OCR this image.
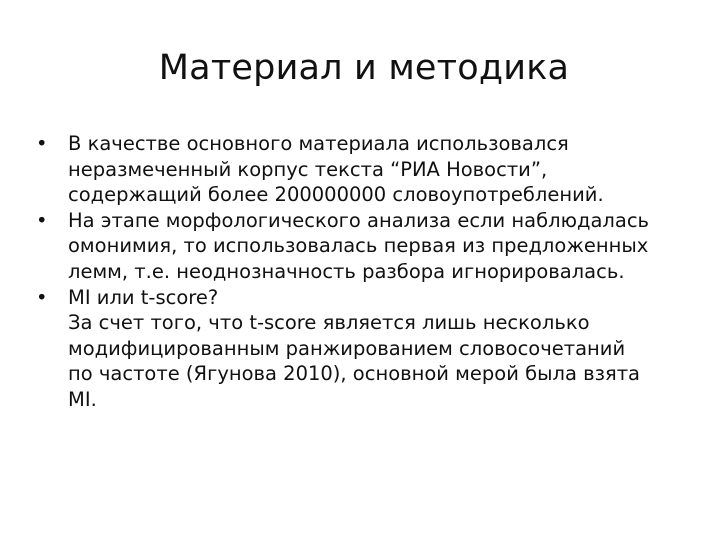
Материал и методика
•	В качестве основного материала использовался
неразмеченный корпус текста “РИА Новости”,
содержащий более 200000000 словоупотреблений.
•	На этапе морфологического анализа если наблюдалась
омонимия, то использовалась первая из предложенных
лемм, т.е. неоднозначность разбора игнорировалась.
•	MI или t-score?
За счет того, что t-score является лишь несколько
модифицированным ранжированием словосочетаний
по частоте (Ягунова 2010), основной мерой была взята
MI.
